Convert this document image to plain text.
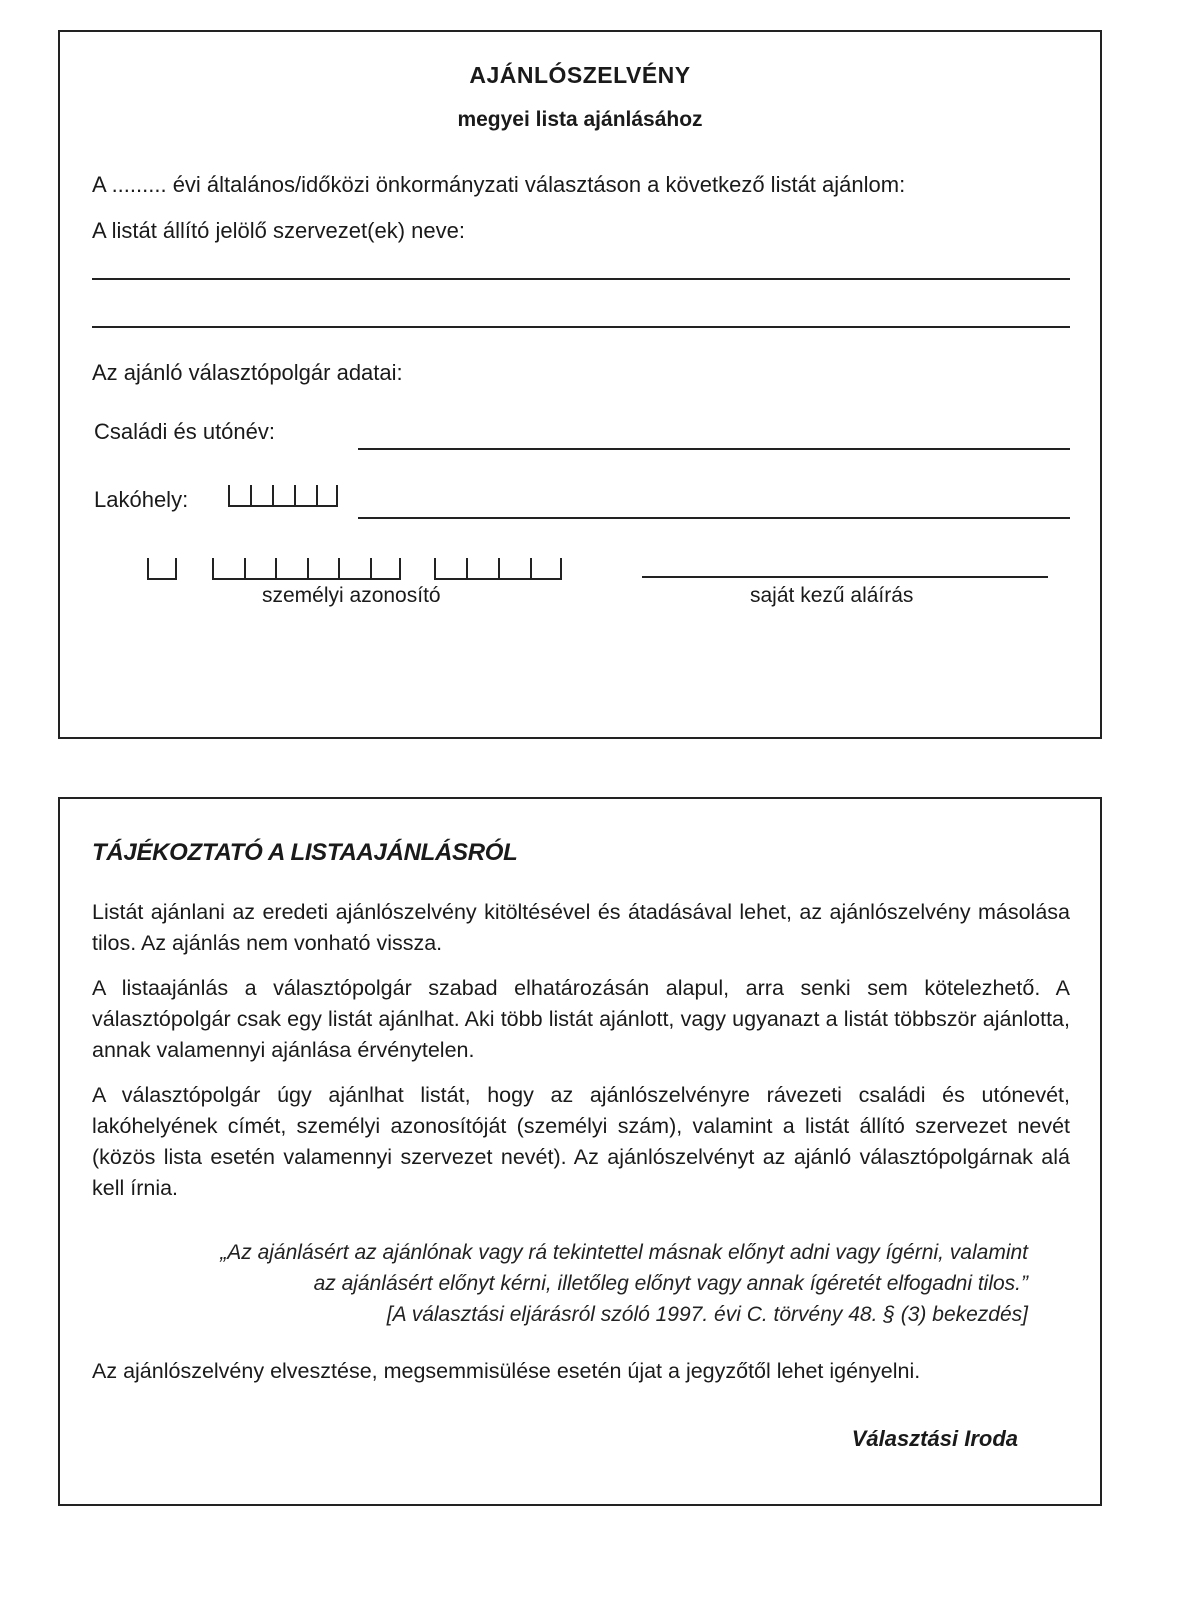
AJÁNLÓSZELVÉNY
megyei lista ajánlásához
A ......... évi általános/időközi önkormányzati választáson a következő listát ajánlom:
A listát állító jelölő szervezet(ek) neve:
Az ajánló választópolgár adatai:
Családi és utónév:
Lakóhely:
személyi azonosító	saját kezű aláírás
TÁJÉKOZTATÓ A LISTAAJÁNLÁSRÓL
Listát ajánlani az eredeti ajánlószelvény kitöltésével és átadásával lehet, az ajánlószelvény másolása tilos. Az ajánlás nem vonható vissza.
A listaajánlás a választópolgár szabad elhatározásán alapul, arra senki sem kötelezhető. A választópolgár csak egy listát ajánlhat. Aki több listát ajánlott, vagy ugyanazt a listát többször ajánlotta, annak valamennyi ajánlása érvénytelen.
A választópolgár úgy ajánlhat listát, hogy az ajánlószelvényre rávezeti családi és utónevét, lakóhelyének címét, személyi azonosítóját (személyi szám), valamint a listát állító szervezet nevét (közös lista esetén valamennyi szervezet nevét). Az ajánlószelvényt az ajánló választópolgárnak alá kell írnia.
„Az ajánlásért az ajánlónak vagy rá tekintettel másnak előnyt adni vagy ígérni, valamint
az ajánlásért előnyt kérni, illetőleg előnyt vagy annak ígéretét elfogadni tilos.”
[A választási eljárásról szóló 1997. évi C. törvény 48. § (3) bekezdés]
Az ajánlószelvény elvesztése, megsemmisülése esetén újat a jegyzőtől lehet igényelni.
Választási Iroda
